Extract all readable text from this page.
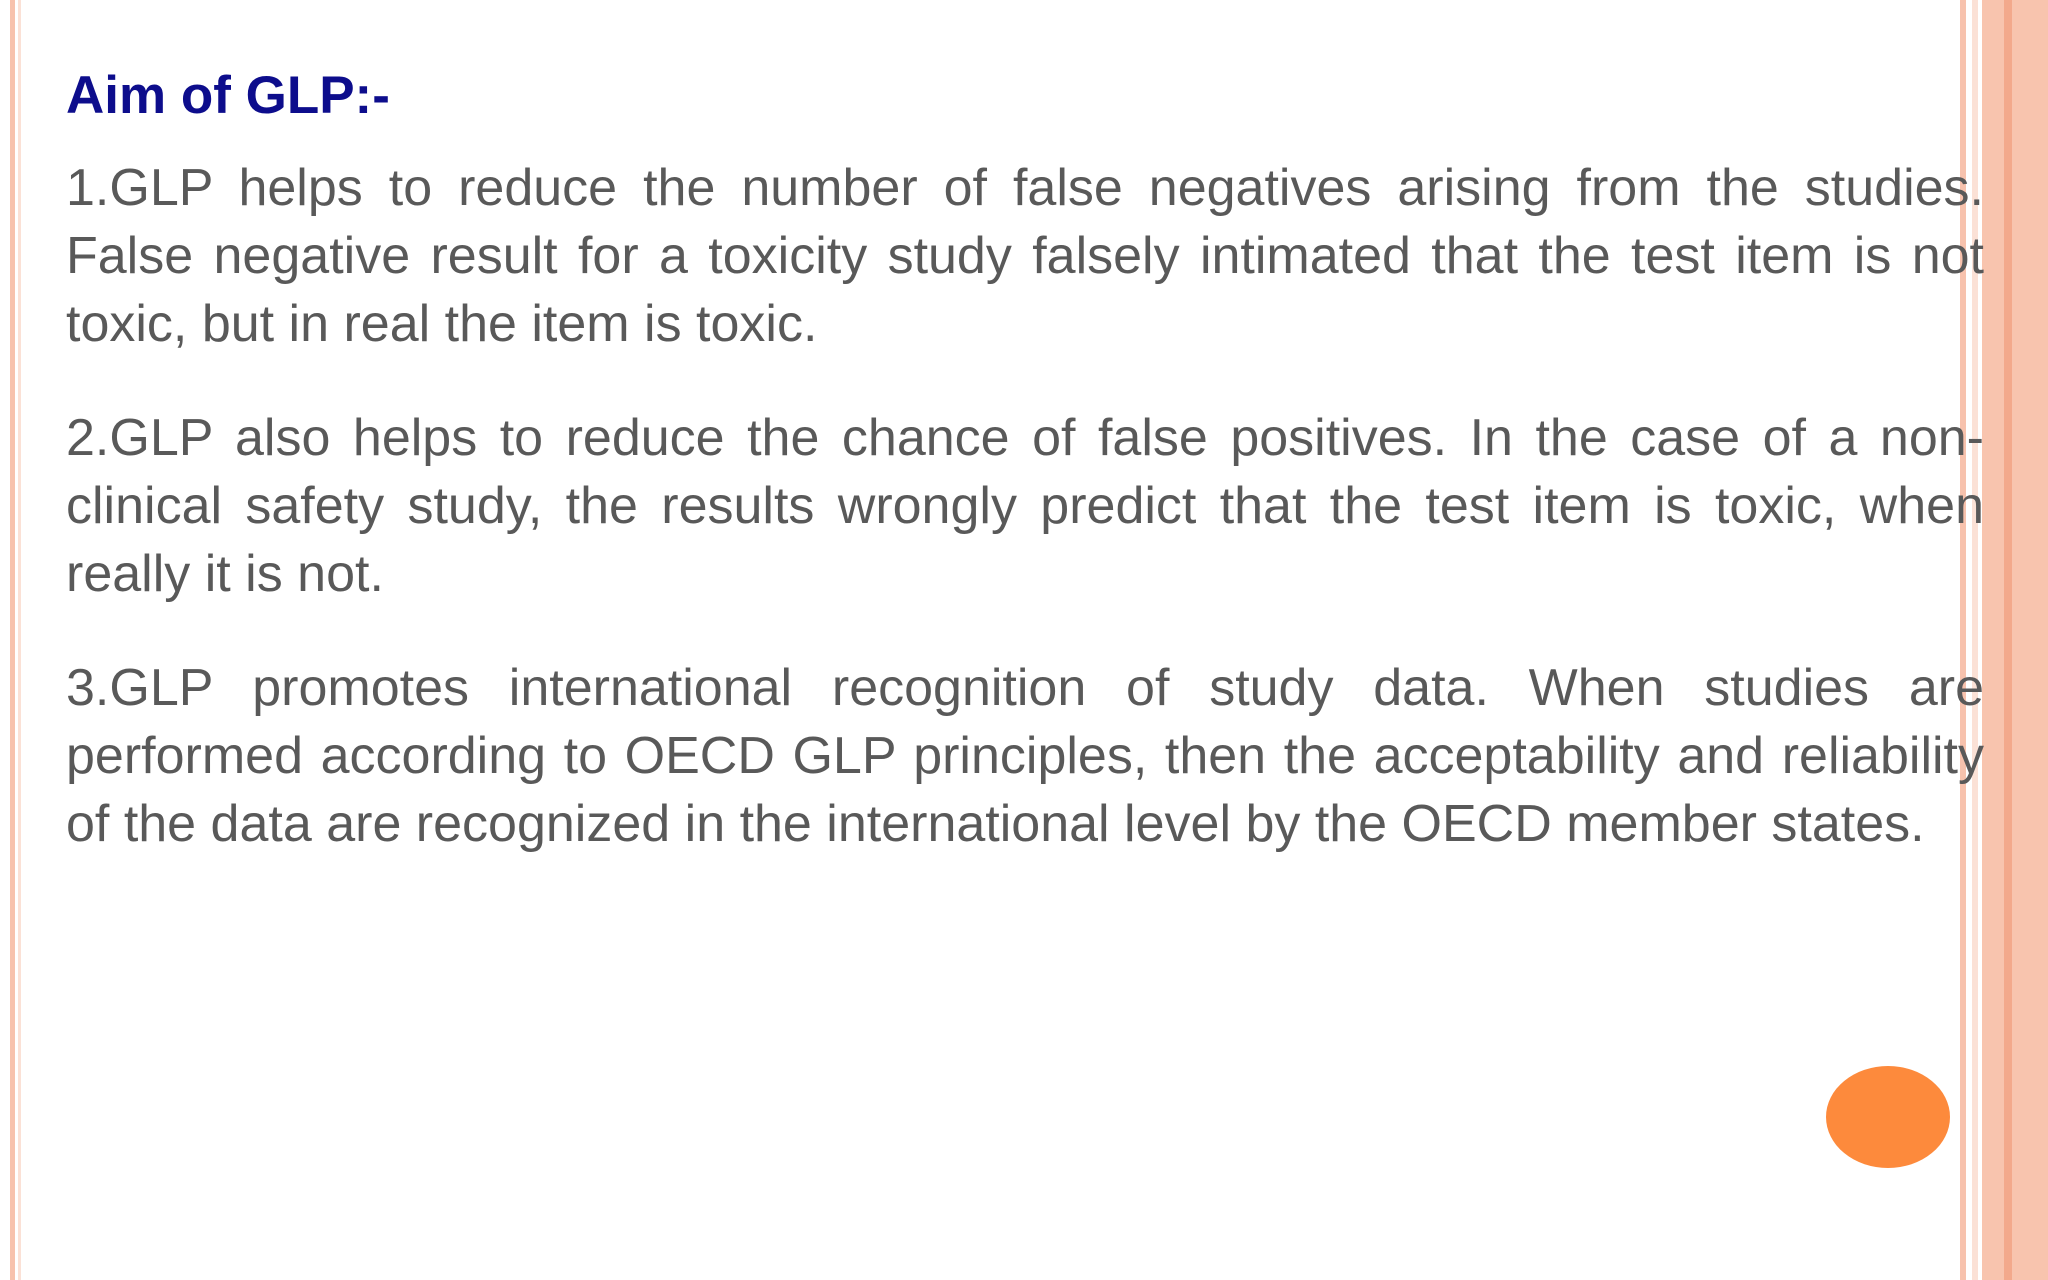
Aim of GLP:-

1.GLP helps to reduce the number of false negatives arising from the studies. False negative result for a toxicity study falsely intimated that the test item is not toxic, but in real the item is toxic.

2.GLP also helps to reduce the chance of false positives. In the case of a non-clinical safety study, the results wrongly predict that the test item is toxic, when really it is not.

3.GLP promotes international recognition of study data. When studies are performed according to OECD GLP principles, then the acceptability and reliability of the data are recognized in the international level by the OECD member states.
